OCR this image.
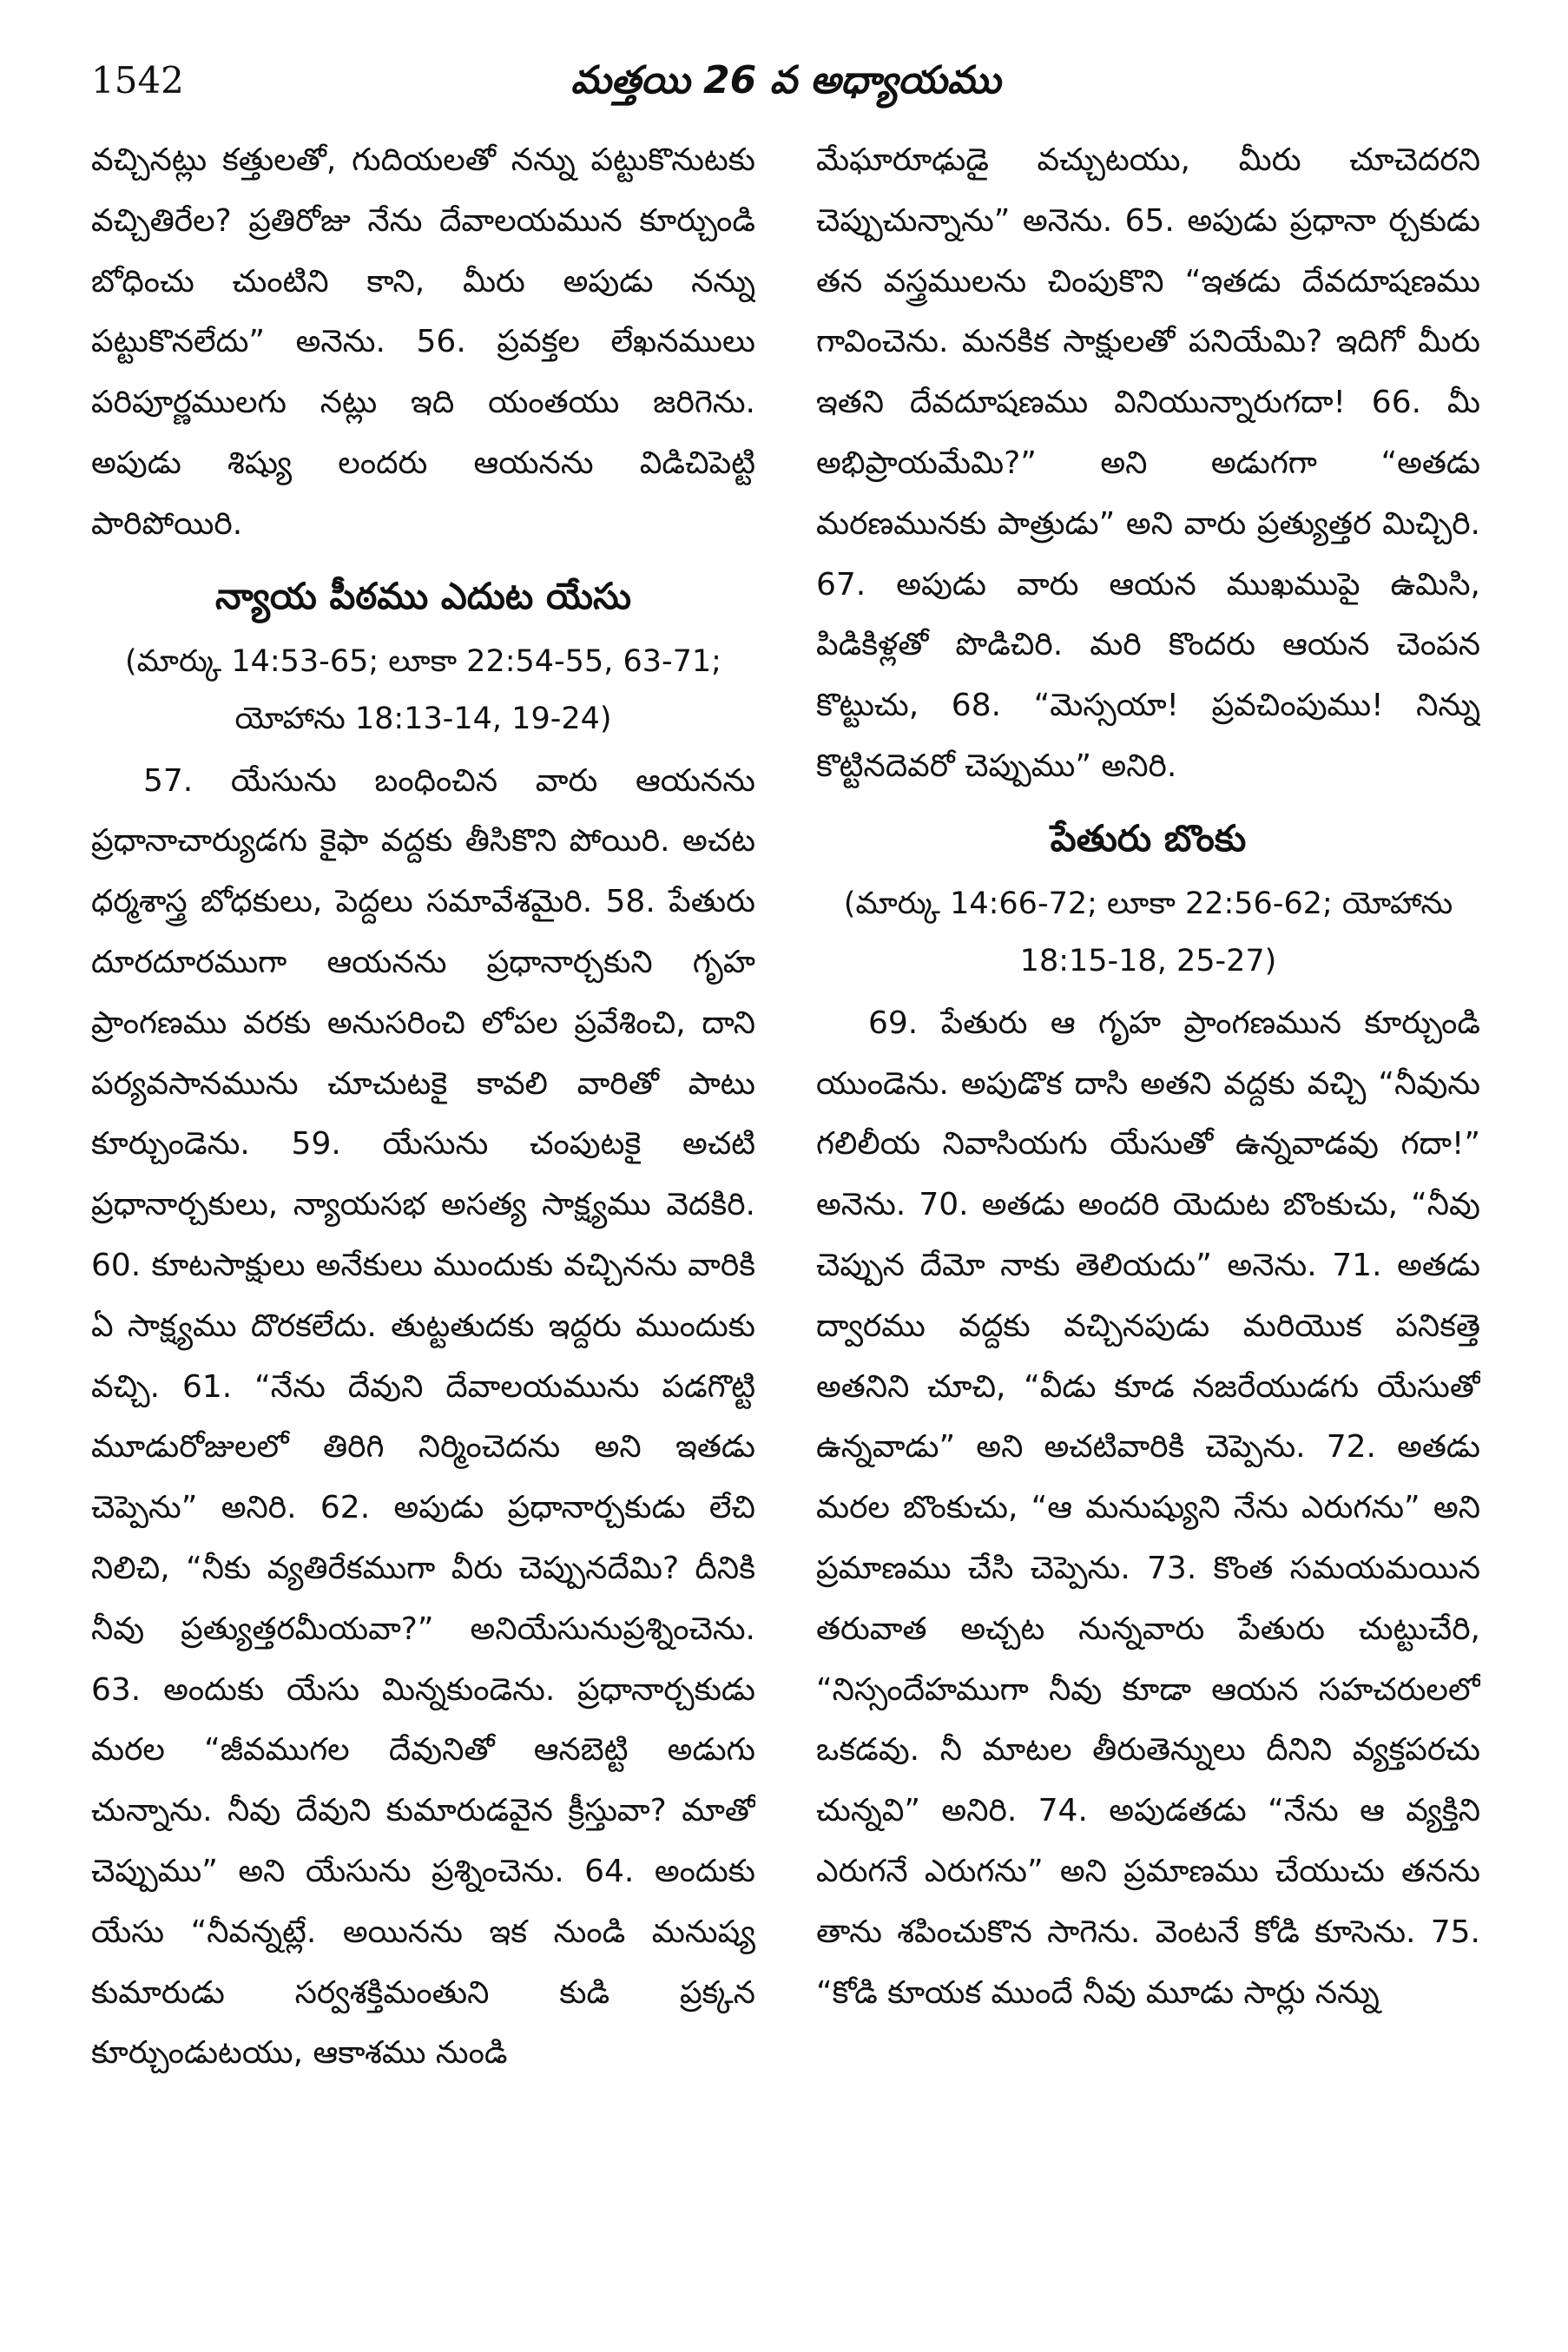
1542	మత్తయి 26 వ అధ్యాయము

వచ్చినట్లు కత్తులతో, గుదియలతో నన్ను పట్టుకొనుటకు వచ్చితిరేల? ప్రతిరోజు నేను దేవాలయమున కూర్చుండి బోధించు చుంటిని కాని, మీరు అపుడు నన్ను పట్టుకొనలేదు” అనెను. 56. ప్రవక్తల లేఖనములు పరిపూర్ణములగు నట్లు ఇది యంతయు జరిగెను. అపుడు శిష్యు లందరు ఆయనను విడిచిపెట్టి పారిపోయిరి.

న్యాయ పీఠము ఎదుట యేసు

(మార్కు 14:53-65; లూకా 22:54-55, 63-71; యోహాను 18:13-14, 19-24)

57. యేసును బంధించిన వారు ఆయనను ప్రధానాచార్యుడగు కైఫా వద్దకు తీసికొని పోయిరి. అచట ధర్మశాస్త్ర బోధకులు, పెద్దలు సమావేశమైరి. 58. పేతురు దూరదూరముగా ఆయనను ప్రధానార్చకుని గృహ ప్రాంగణము వరకు అనుసరించి లోపల ప్రవేశించి, దాని పర్యవసానమును చూచుటకై కావలి వారితో పాటు కూర్చుండెను. 59. యేసును చంపుటకై అచటి ప్రధానార్చకులు, న్యాయసభ అసత్య సాక్ష్యము వెదకిరి. 60. కూటసాక్షులు అనేకులు ముందుకు వచ్చినను వారికి ఏ సాక్ష్యము దొరకలేదు. తుట్టతుదకు ఇద్దరు ముందుకు వచ్చి. 61. “నేను దేవుని దేవాలయమును పడగొట్టి మూడురోజులలో తిరిగి నిర్మించెదను అని ఇతడు చెప్పెను” అనిరి. 62. అపుడు ప్రధానార్చకుడు లేచి నిలిచి, “నీకు వ్యతిరేకముగా వీరు చెప్పునదేమి? దీనికి నీవు ప్రత్యుత్తరమీయవా?” అనియేసునుప్రశ్నించెను. 63. అందుకు యేసు మిన్నకుండెను. ప్రధానార్చకుడు మరల “జీవముగల దేవునితో ఆనబెట్టి అడుగు చున్నాను. నీవు దేవుని కుమారుడవైన క్రీస్తువా? మాతో చెప్పుము” అని యేసును ప్రశ్నించెను. 64. అందుకు యేసు “నీవన్నట్లే. అయినను ఇక నుండి మనుష్య కుమారుడు సర్వశక్తిమంతుని కుడి ప్రక్కన కూర్చుండుటయు, ఆకాశము నుండి

మేఘారూఢుడై వచ్చుటయు, మీరు చూచెదరని చెప్పుచున్నాను” అనెను. 65. అపుడు ప్రధానా ర్చకుడు తన వస్త్రములను చింపుకొని “ఇతడు దేవదూషణము గావించెను. మనకిక సాక్షులతో పనియేమి? ఇదిగో మీరు ఇతని దేవదూషణము వినియున్నారుగదా! 66. మీ అభిప్రాయమేమి?” అని అడుగగా “అతడు మరణమునకు పాత్రుడు” అని వారు ప్రత్యుత్తర మిచ్చిరి. 67. అపుడు వారు ఆయన ముఖముపై ఉమిసి, పిడికిళ్లతో పొడిచిరి. మరి కొందరు ఆయన చెంపన కొట్టుచు, 68. “మెస్సయా! ప్రవచింపుము! నిన్ను కొట్టినదెవరో చెప్పుము” అనిరి.

పేతురు బొంకు

(మార్కు 14:66-72; లూకా 22:56-62; యోహాను 18:15-18, 25-27)

69. పేతురు ఆ గృహ ప్రాంగణమున కూర్చుండి యుండెను. అపుడొక దాసి అతని వద్దకు వచ్చి “నీవును గలిలీయ నివాసియగు యేసుతో ఉన్నవాడవు గదా!” అనెను. 70. అతడు అందరి యెదుట బొంకుచు, “నీవు చెప్పున దేమో నాకు తెలియదు” అనెను. 71. అతడు ద్వారము వద్దకు వచ్చినపుడు మరియొక పనికత్తె అతనిని చూచి, “వీడు కూడ నజరేయుడగు యేసుతో ఉన్నవాడు” అని అచటివారికి చెప్పెను. 72. అతడు మరల బొంకుచు, “ఆ మనుష్యుని నేను ఎరుగను” అని ప్రమాణము చేసి చెప్పెను. 73. కొంత సమయమయిన తరువాత అచ్చట నున్నవారు పేతురు చుట్టుచేరి, “నిస్సందేహముగా నీవు కూడా ఆయన సహచరులలో ఒకడవు. నీ మాటల తీరుతెన్నులు దీనిని వ్యక్తపరచు చున్నవి” అనిరి. 74. అపుడతడు “నేను ఆ వ్యక్తిని ఎరుగనే ఎరుగను” అని ప్రమాణము చేయుచు తనను తాను శపించుకొన సాగెను. వెంటనే కోడి కూసెను. 75. “కోడి కూయక ముందే నీవు మూడు సార్లు నన్ను
